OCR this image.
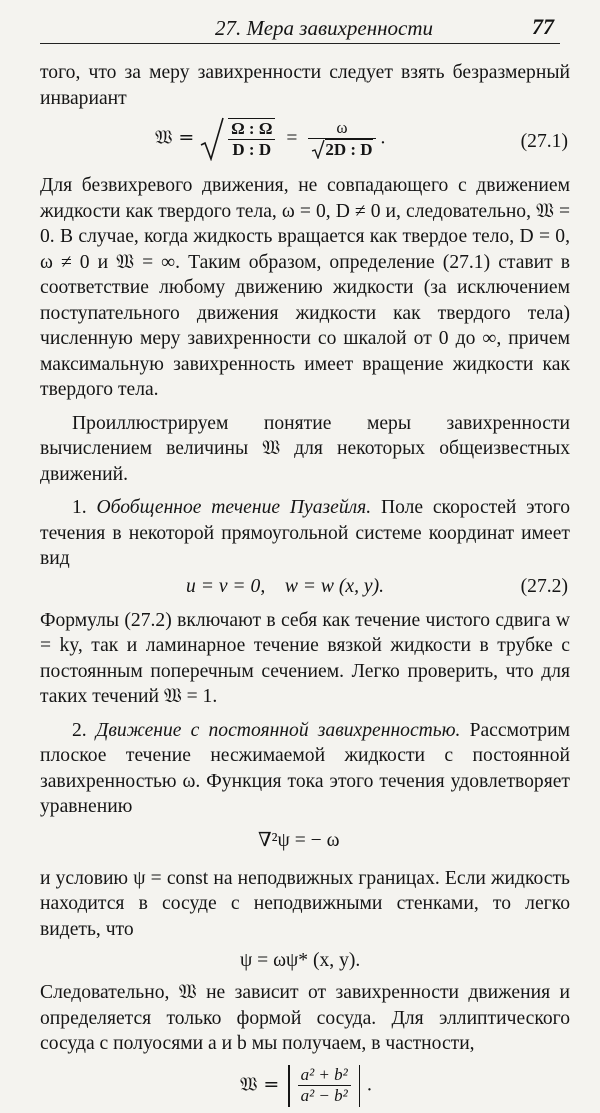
27. Мера завихренности	77

того, что за меру завихренности следует взять безразмерный инвариант

𝔚 = $\frac{\Omega : \Omega}{D : D} = \frac{\omega}{2D : D}$ .	(27.1)

Для безвихревого движения, не совпадающего с движением жидкости как твердого тела, ω = 0, D ≠ 0 и, следовательно, 𝔚 = 0. В случае, когда жидкость вращается как твердое тело, D = 0, ω ≠ 0 и 𝔚 = ∞. Таким образом, определение (27.1) ставит в соответствие любому движению жидкости (за исключением поступательного движения жидкости как твердого тела) численную меру завихренности со шкалой от 0 до ∞, причем максимальную завихренность имеет вращение жидкости как твердого тела.

Проиллюстрируем понятие меры завихренности вычислением величины 𝔚 для некоторых общеизвестных движений.

1. Обобщенное течение Пуазейля. Поле скоростей этого течения в некоторой прямоугольной системе координат имеет вид

u = v = 0,    w = w (x, y).	(27.2)

Формулы (27.2) включают в себя как течение чистого сдвига w = ky, так и ламинарное течение вязкой жидкости в трубке с постоянным поперечным сечением. Легко проверить, что для таких течений 𝔚 = 1.

2. Движение с постоянной завихренностью. Рассмотрим плоское течение несжимаемой жидкости с постоянной завихренностью ω. Функция тока этого течения удовлетворяет уравнению

∇²ψ = − ω

и условию ψ = const на неподвижных границах. Если жидкость находится в сосуде с неподвижными стенками, то легко видеть, что

ψ = ωψ* (x, y).

Следовательно, 𝔚 не зависит от завихренности движения и определяется только формой сосуда. Для эллиптического сосуда с полуосями a и b мы получаем, в частности,

𝔚 = $\frac{\text{a² + b²}}{\text{a² − b²}}$ .
